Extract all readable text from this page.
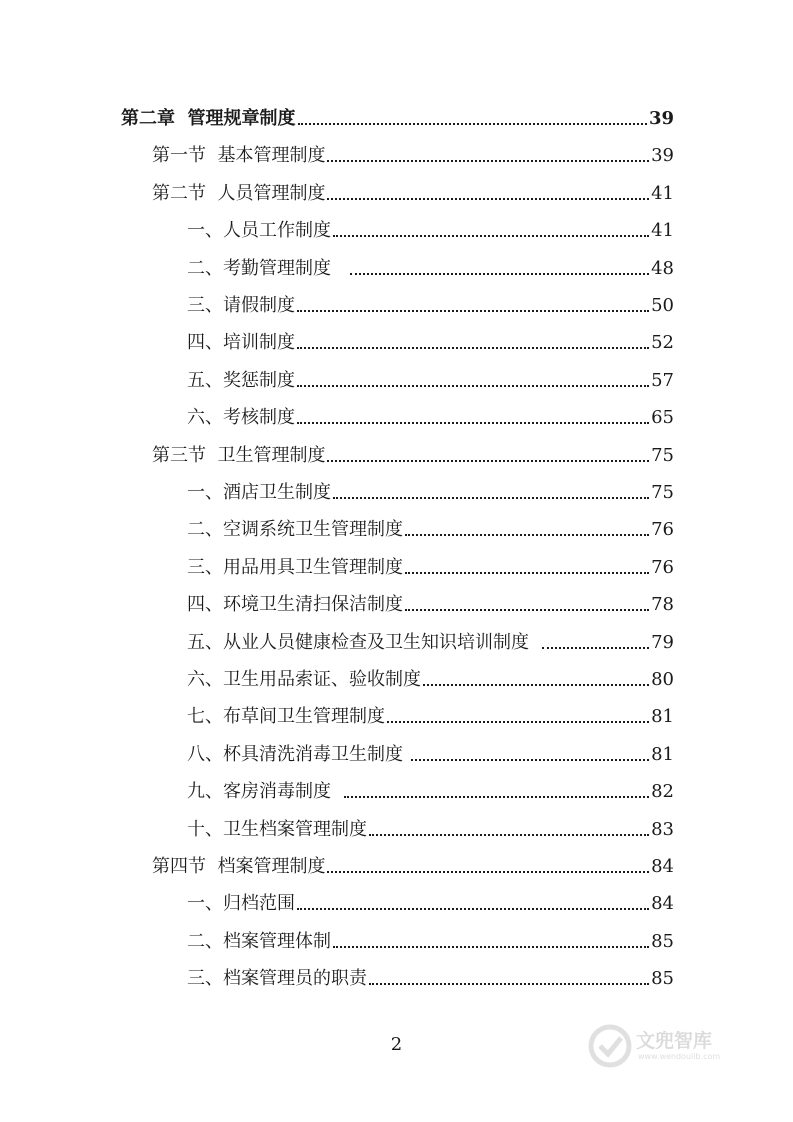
第二章  管理规章制度	39
第一节  基本管理制度	39
第二节  人员管理制度	41
一、人员工作制度	41
二、考勤管理制度	48
三、请假制度	50
四、培训制度	52
五、奖惩制度	57
六、考核制度	65
第三节  卫生管理制度	75
一、酒店卫生制度	75
二、空调系统卫生管理制度	76
三、用品用具卫生管理制度	76
四、环境卫生清扫保洁制度	78
五、从业人员健康检查及卫生知识培训制度	79
六、卫生用品索证、验收制度	80
七、布草间卫生管理制度	81
八、杯具清洗消毒卫生制度	81
九、客房消毒制度	82
十、卫生档案管理制度	83
第四节  档案管理制度	84
一、归档范围	84
二、档案管理体制	85
三、档案管理员的职责	85
2	文兜智库
www.wendoulib.com
